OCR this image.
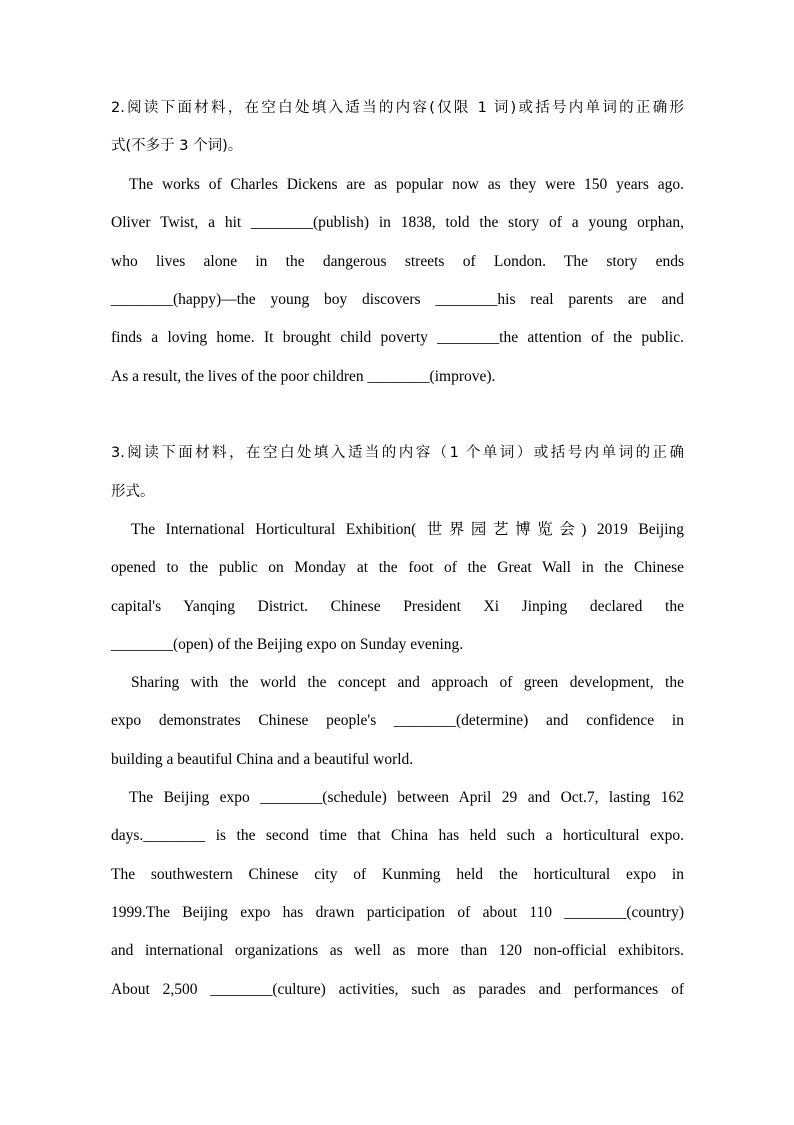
2.阅读下面材料，在空白处填入适当的内容(仅限 1 词)或括号内单词的正确形
式(不多于 3 个词)。
The works of Charles Dickens are as popular now as they were 150 years ago.
Oliver Twist, a hit ________(publish) in 1838, told the story of a young orphan,
who lives alone in the dangerous streets of London. The story ends
________(happy)—the young boy discovers ________his real parents are and
finds a loving home. It brought child poverty ________the attention of the public.
As a result, the lives of the poor children ________(improve).
3.阅读下面材料，在空白处填入适当的内容（1 个单词）或括号内单词的正确
形式。
The International Horticultural Exhibition( 世界园艺博览会) 2019 Beijing
opened to the public on Monday at the foot of the Great Wall in the Chinese
capital's Yanqing District. Chinese President Xi Jinping declared the
________(open) of the Beijing expo on Sunday evening.
Sharing with the world the concept and approach of green development, the
expo demonstrates Chinese people's ________(determine) and confidence in
building a beautiful China and a beautiful world.
The Beijing expo ________(schedule) between April 29 and Oct.7, lasting 162
days.________ is the second time that China has held such a horticultural expo.
The southwestern Chinese city of Kunming held the horticultural expo in
1999.The Beijing expo has drawn participation of about 110 ________(country)
and international organizations as well as more than 120 non-official exhibitors.
About 2,500 ________(culture) activities, such as parades and performances of
